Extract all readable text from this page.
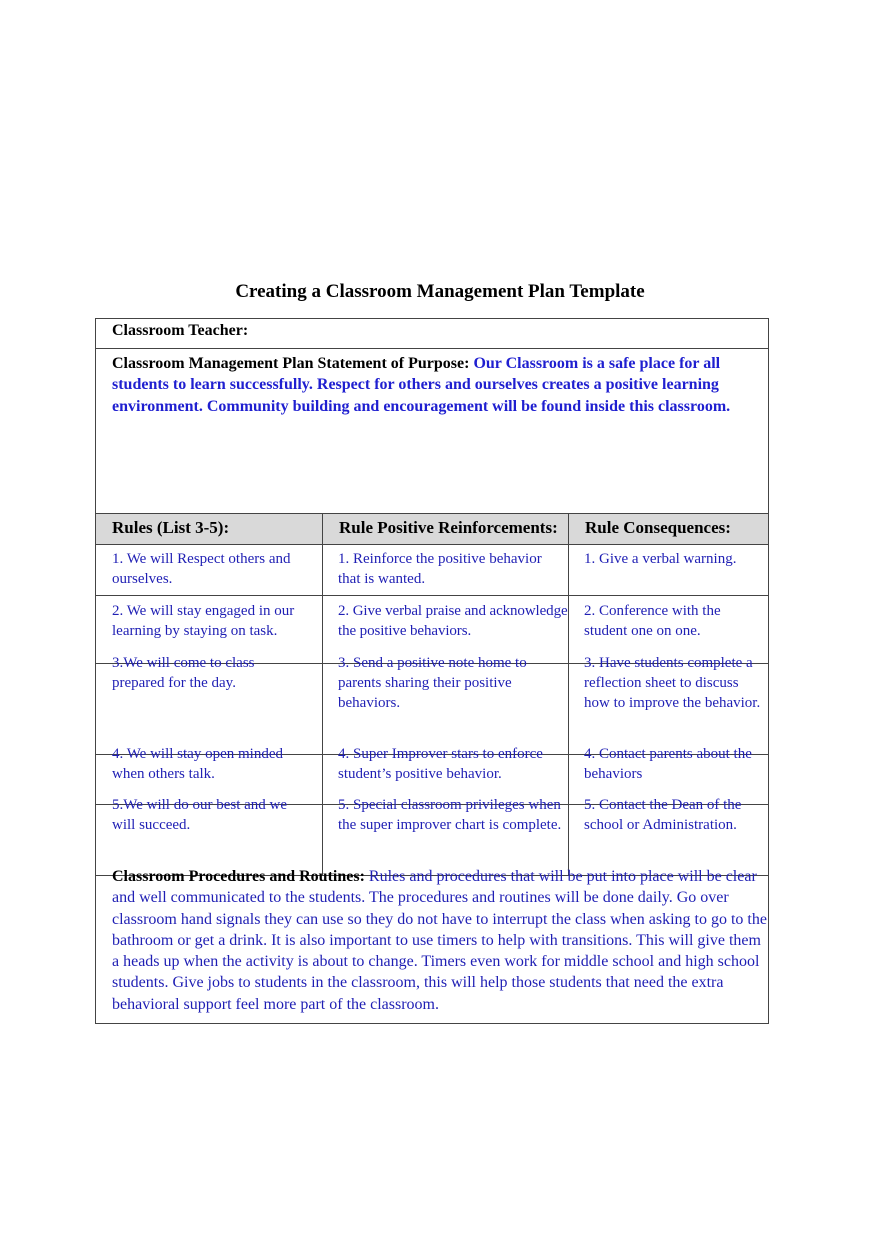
Creating a Classroom Management Plan Template
Classroom Teacher:
Classroom Management Plan Statement of Purpose: Our Classroom is a safe place for all students to learn successfully. Respect for others and ourselves creates a positive learning environment. Community building and encouragement will be found inside this classroom.
Rules (List 3-5):	Rule Positive Reinforcements: Rule Consequences:
1. We will Respect others and ourselves.
1. Reinforce the positive behavior that is wanted.
1. Give a verbal warning.
2. We will stay engaged in our learning by staying on task.
2. Give verbal praise and acknowledge the positive behaviors.
2. Conference with the student one on one.
3.We will come to class prepared for the day.
3. Send a positive note home to parents sharing their positive behaviors.
3. Have students complete a reflection sheet to discuss how to improve the behavior.
4. We will stay open minded when others talk.
4. Super Improver stars to enforce student’s positive behavior.
4. Contact parents about the behaviors
5.We will do our best and we will succeed.
5. Special classroom privileges when the super improver chart is complete.
5. Contact the Dean of the school or Administration.
Classroom Procedures and Routines: Rules and procedures that will be put into place will be clear and well communicated to the students. The procedures and routines will be done daily. Go over classroom hand signals they can use so they do not have to interrupt the class when asking to go to the bathroom or get a drink. It is also important to use timers to help with transitions. This will give them a heads up when the activity is about to change. Timers even work for middle school and high school students. Give jobs to students in the classroom, this will help those students that need the extra behavioral support feel more part of the classroom.
